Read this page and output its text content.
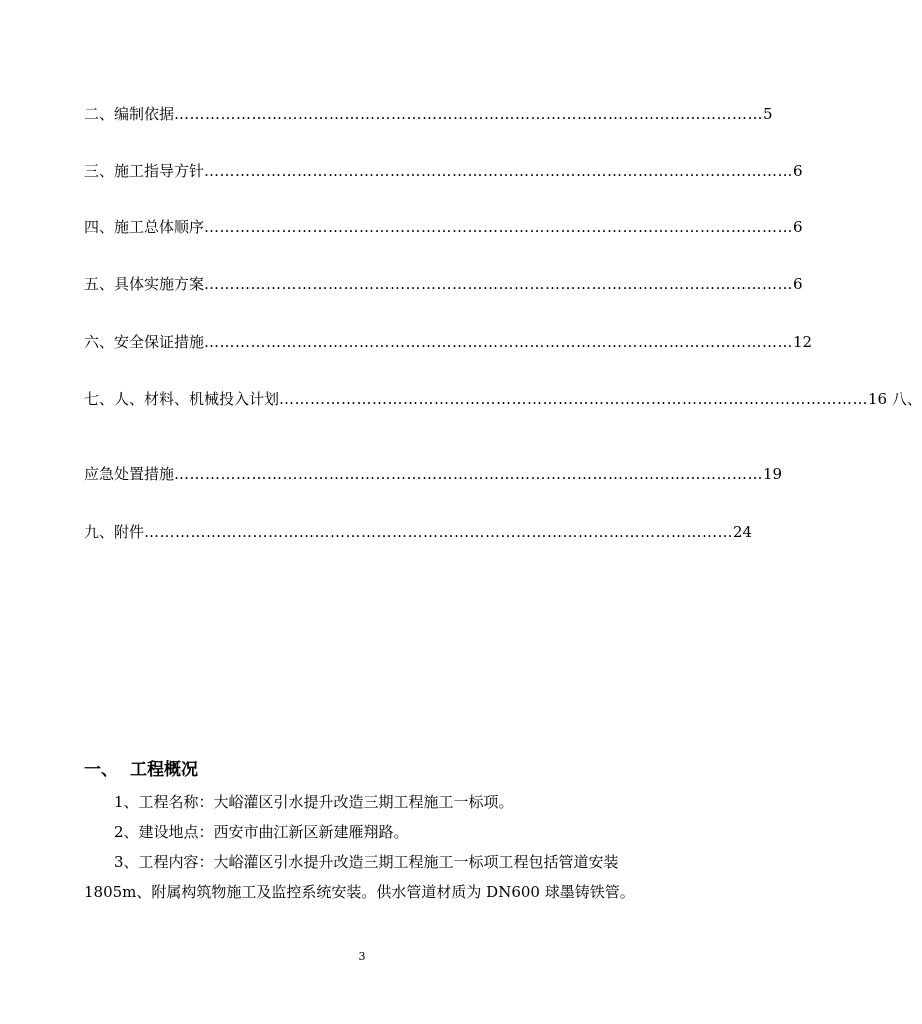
二、编制依据 …………………………………………………………………………………………………… 5
三、施工指导方针 …………………………………………………………………………………………………… 6
四、施工总体顺序 …………………………………………………………………………………………………… 6
五、具体实施方案 …………………………………………………………………………………………………… 6
六、安全保证措施 …………………………………………………………………………………………………… 12
七、人、材料、机械投入计划 …………………………………………………………………………………………………… 16 八、
应急处置措施 …………………………………………………………………………………………………… 19
九、附件 …………………………………………………………………………………………………… 24
一、 工程概况
1、工程名称：大峪灌区引水提升改造三期工程施工一标项。
2、建设地点：西安市曲江新区新建雁翔路。
3、工程内容：大峪灌区引水提升改造三期工程施工一标项工程包括管道安装 1805m、附属构筑物施工及监控系统安装。供水管道材质为 DN600 球墨铸铁管。
3
